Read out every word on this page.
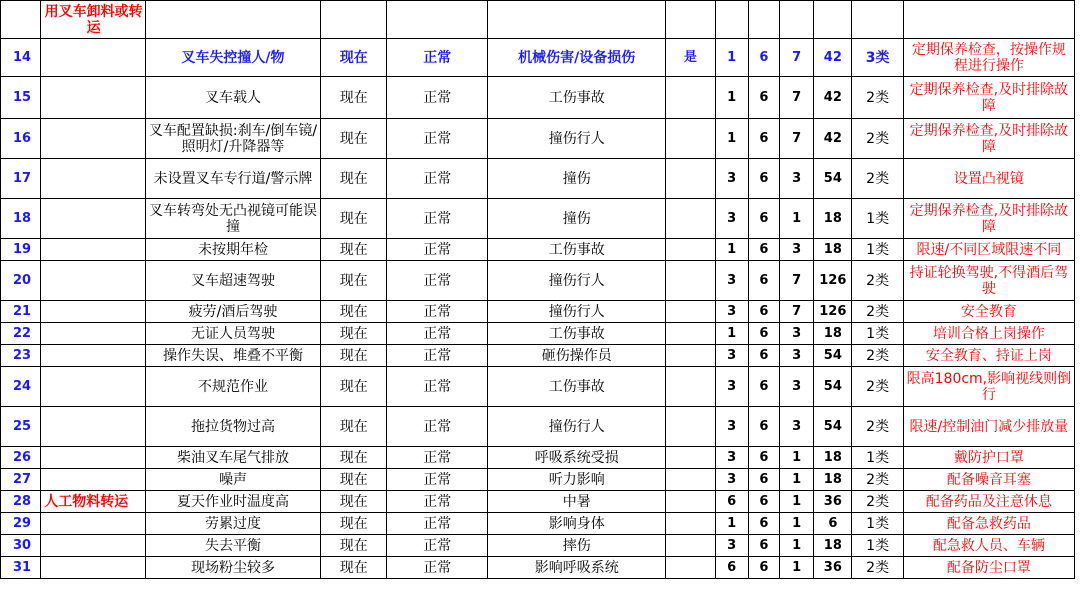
	用叉车卸料或转运											
14		叉车失控撞人/物	现在	正常	机械伤害/设备损伤	是	1	6	7	42	3类	定期保养检查，按操作规程进行操作
15		叉车载人	现在	正常	工伤事故		1	6	7	42	2类	定期保养检查,及时排除故障
16		叉车配置缺损:刹车/倒车镜/照明灯/升降器等	现在	正常	撞伤行人		1	6	7	42	2类	定期保养检查,及时排除故障
17		未设置叉车专行道/警示牌	现在	正常	撞伤		3	6	3	54	2类	设置凸视镜
18		叉车转弯处无凸视镜可能误撞	现在	正常	撞伤		3	6	1	18	1类	定期保养检查,及时排除故障
19		未按期年检	现在	正常	工伤事故		1	6	3	18	1类	限速/不同区域限速不同
20		叉车超速驾驶	现在	正常	撞伤行人		3	6	7	126	2类	持证轮换驾驶,不得酒后驾驶
21		疲劳/酒后驾驶	现在	正常	撞伤行人		3	6	7	126	2类	安全教育
22		无证人员驾驶	现在	正常	工伤事故		1	6	3	18	1类	培训合格上岗操作
23		操作失误、堆叠不平衡	现在	正常	砸伤操作员		3	6	3	54	2类	安全教育、持证上岗
24		不规范作业	现在	正常	工伤事故		3	6	3	54	2类	限高180cm,影响视线则倒行
25		拖拉货物过高	现在	正常	撞伤行人		3	6	3	54	2类	限速/控制油门减少排放量
26		柴油叉车尾气排放	现在	正常	呼吸系统受损		3	6	1	18	1类	戴防护口罩
27		噪声	现在	正常	听力影响		3	6	1	18	2类	配备噪音耳塞
28	人工物料转运	夏天作业时温度高	现在	正常	中暑		6	6	1	36	2类	配备药品及注意休息
29		劳累过度	现在	正常	影响身体		1	6	1	6	1类	配备急救药品
30		失去平衡	现在	正常	摔伤		3	6	1	18	1类	配急救人员、车辆
31		现场粉尘较多	现在	正常	影响呼吸系统		6	6	1	36	2类	配备防尘口罩
